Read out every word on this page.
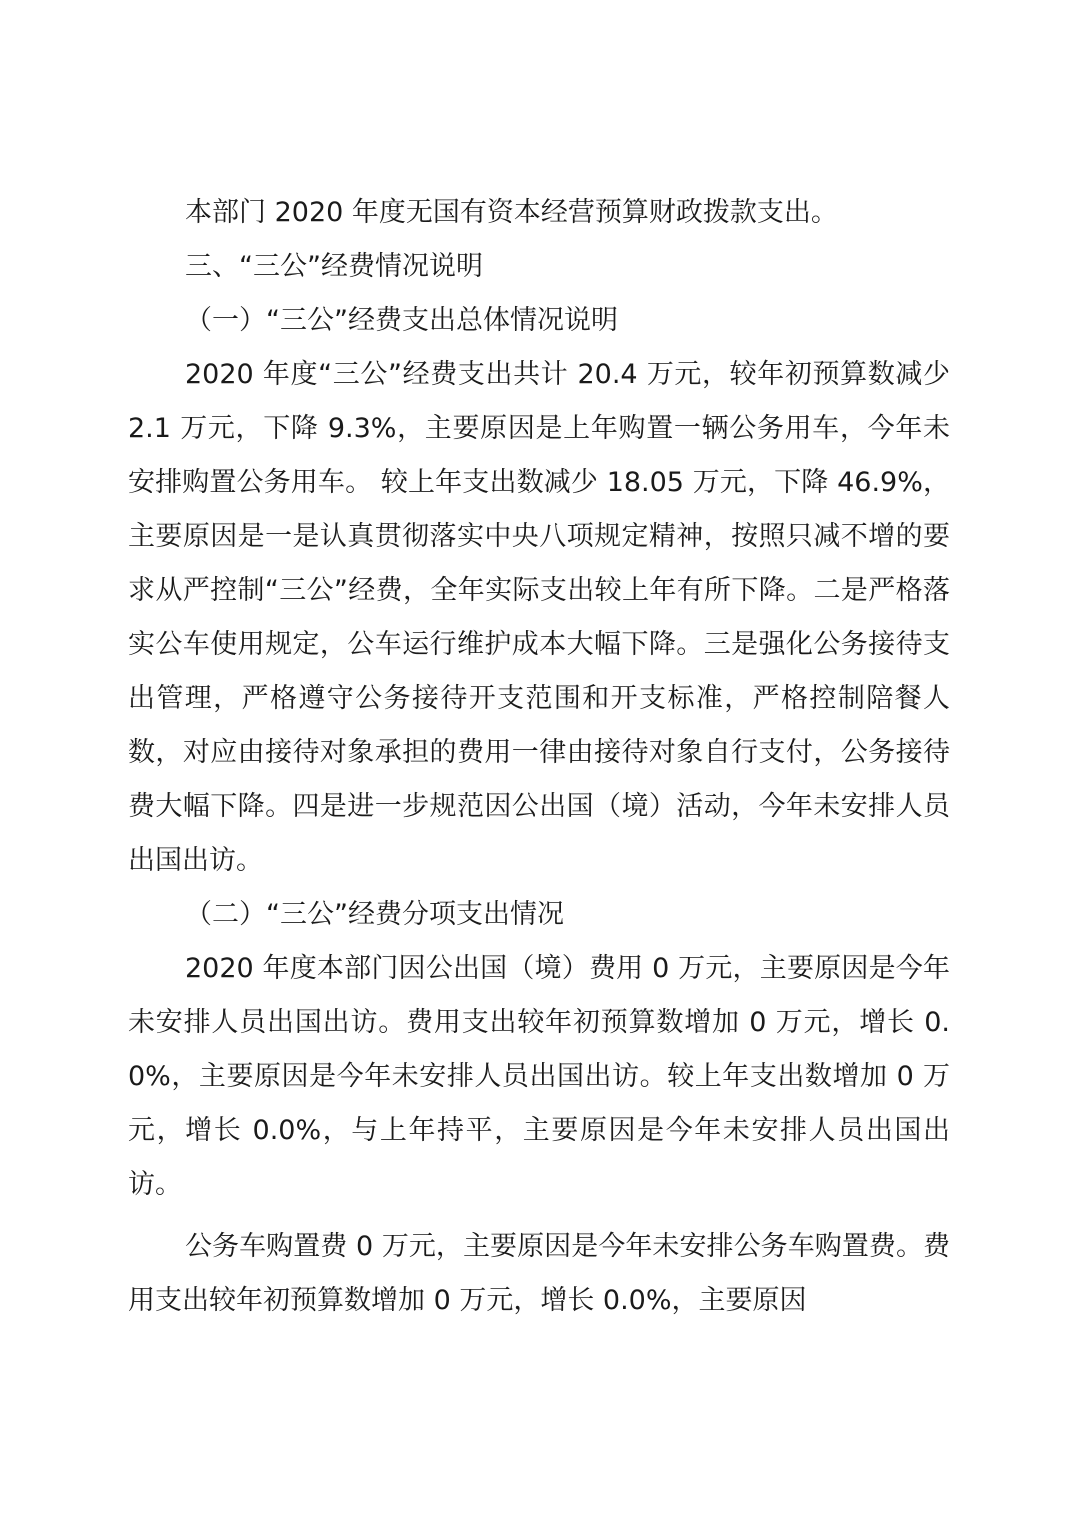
本部门 2020 年度无国有资本经营预算财政拨款支出。

三、“三公”经费情况说明

（一）“三公”经费支出总体情况说明

2020 年度“三公”经费支出共计 20.4 万元，较年初预算数减少 2.1 万元，下降 9.3%，主要原因是上年购置一辆公务用车，今年未安排购置公务用车。 较上年支出数减少 18.05 万元，下降 46.9%，主要原因是一是认真贯彻落实中央八项规定精神，按照只减不增的要求从严控制“三公”经费，全年实际支出较上年有所下降。二是严格落实公车使用规定，公车运行维护成本大幅下降。三是强化公务接待支出管理，严格遵守公务接待开支范围和开支标准，严格控制陪餐人数，对应由接待对象承担的费用一律由接待对象自行支付，公务接待费大幅下降。四是进一步规范因公出国（境）活动，今年未安排人员出国出访。

（二）“三公”经费分项支出情况

2020 年度本部门因公出国（境）费用 0 万元，主要原因是今年未安排人员出国出访。费用支出较年初预算数增加 0 万元，增长 0.0%，主要原因是今年未安排人员出国出访。较上年支出数增加 0 万元，增长 0.0%，与上年持平，主要原因是今年未安排人员出国出访。

公务车购置费 0 万元，主要原因是今年未安排公务车购置费。费用支出较年初预算数增加 0 万元，增长 0.0%，主要原因
